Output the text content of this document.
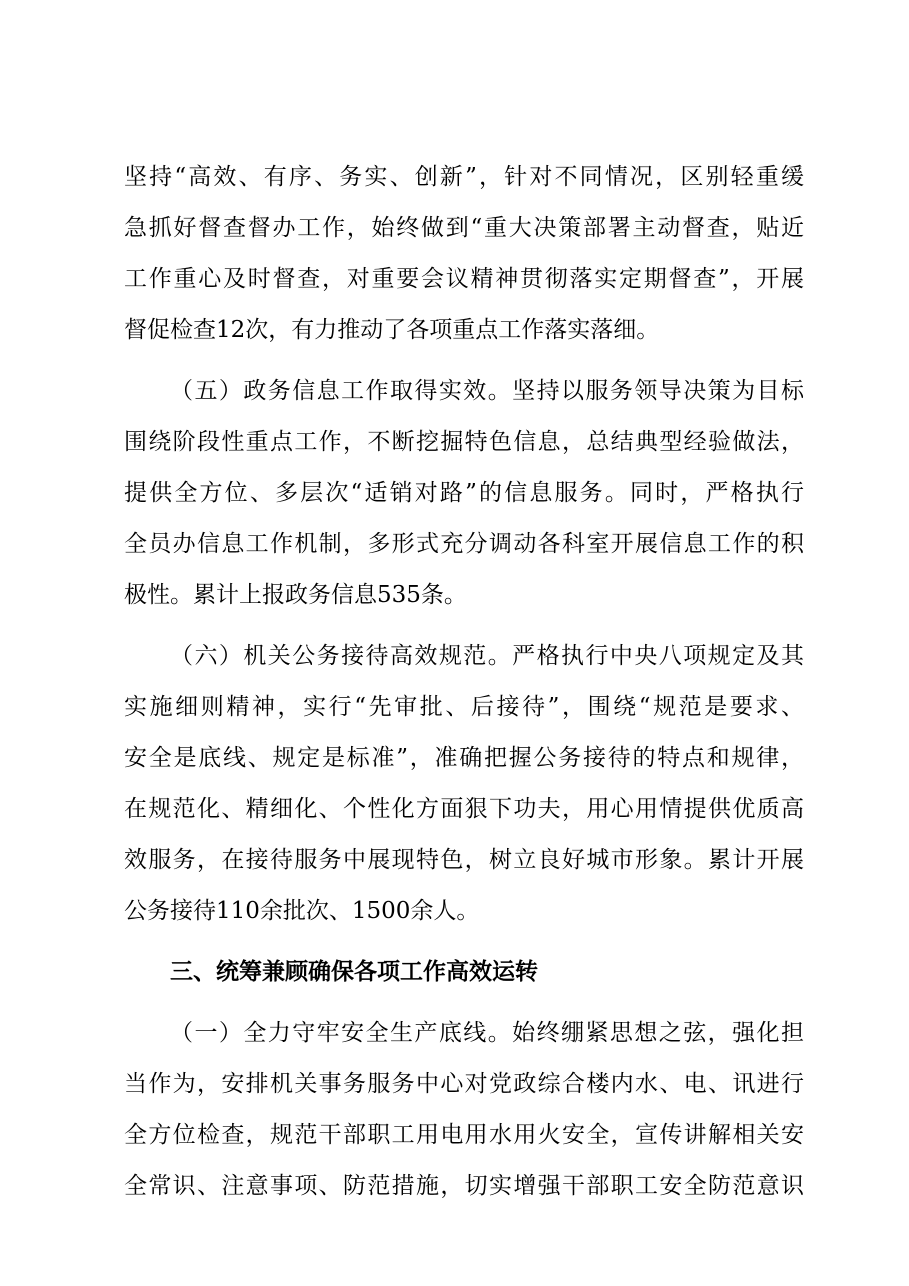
坚持“高效、有序、务实、创新”，针对不同情况，区别轻重缓
急抓好督查督办工作，始终做到“重大决策部署主动督查，贴近
工作重心及时督查，对重要会议精神贯彻落实定期督查”，开展
督促检查12次，有力推动了各项重点工作落实落细。
（五）政务信息工作取得实效。坚持以服务领导决策为目标
围绕阶段性重点工作，不断挖掘特色信息，总结典型经验做法，
提供全方位、多层次“适销对路”的信息服务。同时，严格执行
全员办信息工作机制，多形式充分调动各科室开展信息工作的积
极性。累计上报政务信息535条。
（六）机关公务接待高效规范。严格执行中央八项规定及其
实施细则精神，实行“先审批、后接待”，围绕“规范是要求、
安全是底线、规定是标准”，准确把握公务接待的特点和规律，
在规范化、精细化、个性化方面狠下功夫，用心用情提供优质高
效服务，在接待服务中展现特色，树立良好城市形象。累计开展
公务接待110余批次、1500余人。
三、统筹兼顾确保各项工作高效运转
（一）全力守牢安全生产底线。始终绷紧思想之弦，强化担
当作为，安排机关事务服务中心对党政综合楼内水、电、讯进行
全方位检查，规范干部职工用电用水用火安全，宣传讲解相关安
全常识、注意事项、防范措施，切实增强干部职工安全防范意识
